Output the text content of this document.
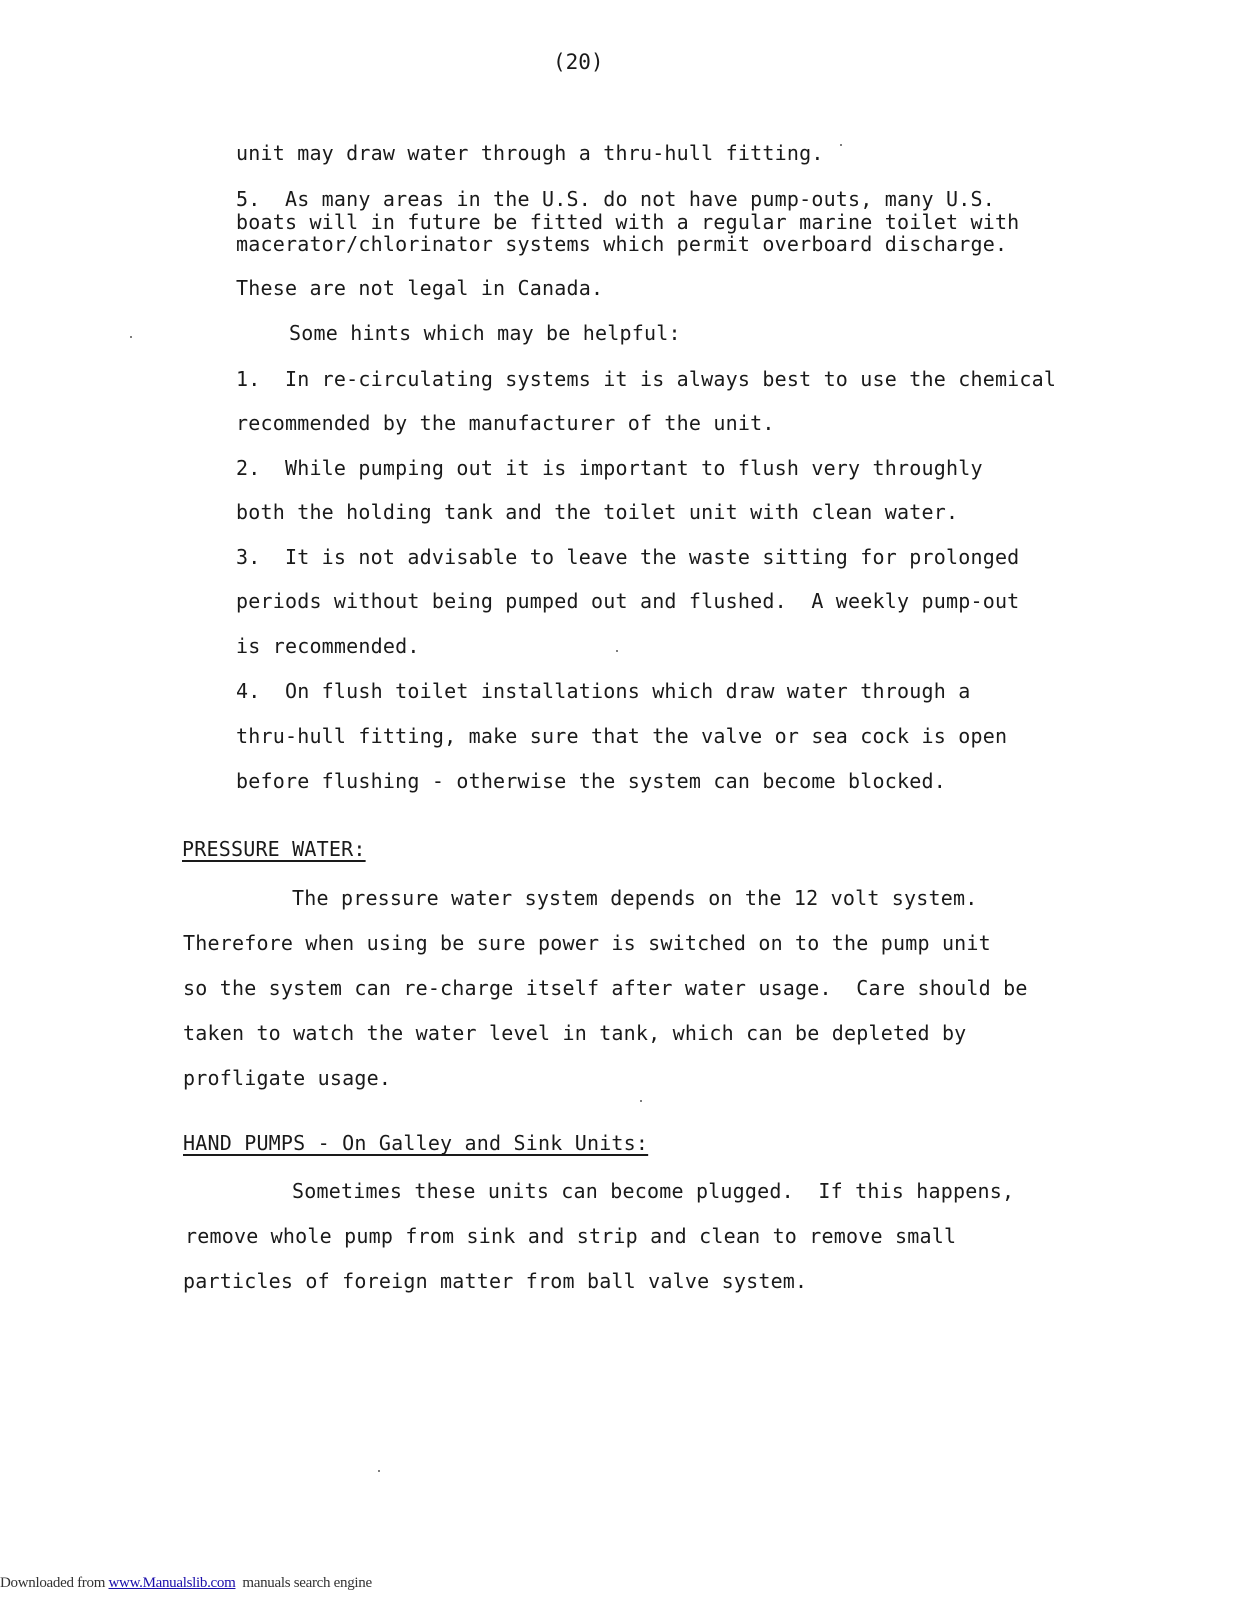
(20)
unit may draw water through a thru-hull fitting.
5.  As many areas in the U.S. do not have pump-outs, many U.S.
boats will in future be fitted with a regular marine toilet with
macerator/chlorinator systems which permit overboard discharge.
These are not legal in Canada.
Some hints which may be helpful:
1.  In re-circulating systems it is always best to use the chemical
recommended by the manufacturer of the unit.
2.  While pumping out it is important to flush very throughly
both the holding tank and the toilet unit with clean water.
3.  It is not advisable to leave the waste sitting for prolonged
periods without being pumped out and flushed.  A weekly pump-out
is recommended.
4.  On flush toilet installations which draw water through a
thru-hull fitting, make sure that the valve or sea cock is open
before flushing - otherwise the system can become blocked.
PRESSURE WATER:
The pressure water system depends on the 12 volt system.
Therefore when using be sure power is switched on to the pump unit
so the system can re-charge itself after water usage.  Care should be
taken to watch the water level in tank, which can be depleted by
profligate usage.
HAND PUMPS - On Galley and Sink Units:
Sometimes these units can become plugged.  If this happens,
remove whole pump from sink and strip and clean to remove small
particles of foreign matter from ball valve system.
Downloaded from www.Manualslib.com  manuals search engine
